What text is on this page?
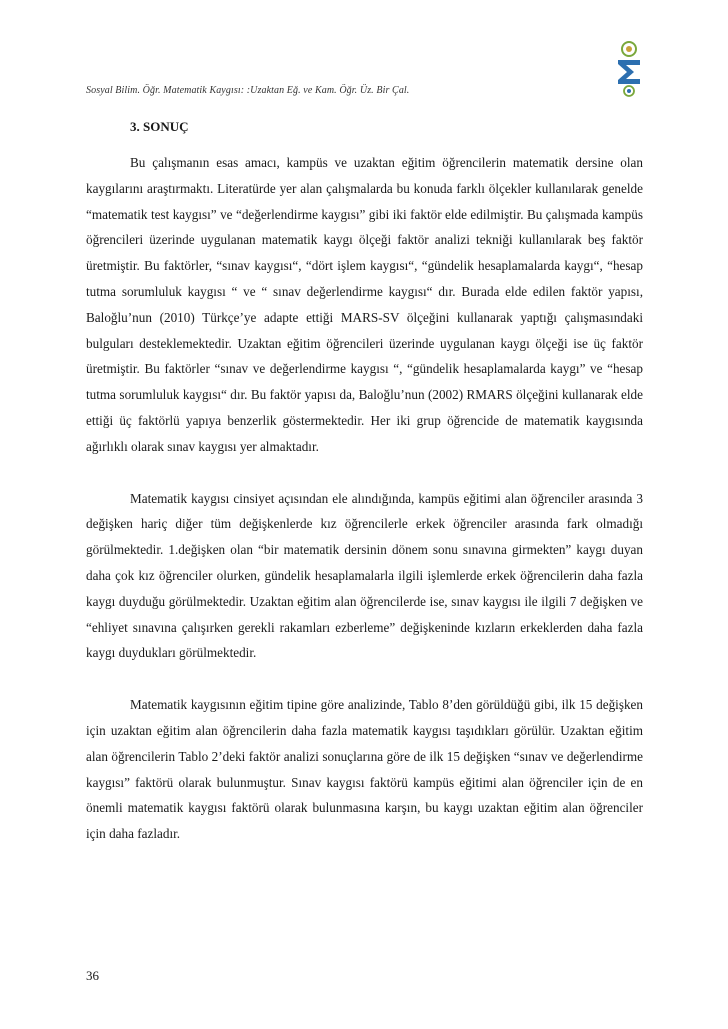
Sosyal Bilim. Öğr. Matematik Kaygısı: :Uzaktan Eğ. ve Kam. Öğr. Üz. Bir Çal.
3. SONUÇ

Bu çalışmanın esas amacı, kampüs ve uzaktan eğitim öğrencilerin matematik dersine olan kaygılarını araştırmaktı. Literatürde yer alan çalışmalarda bu konuda farklı ölçekler kullanılarak genelde “matematik test kaygısı” ve “değerlendirme kaygısı” gibi iki faktör elde edilmiştir. Bu çalışmada kampüs öğrencileri üzerinde uygulanan matematik kaygı ölçeği faktör analizi tekniği kullanılarak beş faktör üretmiştir. Bu faktörler, “sınav kaygısı“, “dört işlem kaygısı“, “gündelik hesaplamalarda kaygı“, “hesap tutma sorumluluk kaygısı “ ve “ sınav değerlendirme kaygısı“ dır. Burada elde edilen faktör yapısı, Baloğlu’nun (2010) Türkçe’ye adapte ettiği MARS-SV ölçeğini kullanarak yaptığı çalışmasındaki bulguları desteklemektedir. Uzaktan eğitim öğrencileri üzerinde uygulanan kaygı ölçeği ise üç faktör üretmiştir. Bu faktörler “sınav ve değerlendirme kaygısı “, “gündelik hesaplamalarda kaygı” ve “hesap tutma sorumluluk kaygısı“ dır. Bu faktör yapısı da, Baloğlu’nun (2002) RMARS ölçeğini kullanarak elde ettiği üç faktörlü yapıya benzerlik göstermektedir. Her iki grup öğrencide de matematik kaygısında ağırlıklı olarak sınav kaygısı yer almaktadır.

Matematik kaygısı cinsiyet açısından ele alındığında, kampüs eğitimi alan öğrenciler arasında 3 değişken hariç diğer tüm değişkenlerde kız öğrencilerle erkek öğrenciler arasında fark olmadığı görülmektedir. 1.değişken olan “bir matematik dersinin dönem sonu sınavına girmekten” kaygı duyan daha çok kız öğrenciler olurken, gündelik hesaplamalarla ilgili işlemlerde erkek öğrencilerin daha fazla kaygı duyduğu görülmektedir. Uzaktan eğitim alan öğrencilerde ise, sınav kaygısı ile ilgili 7 değişken ve “ehliyet sınavına çalışırken gerekli rakamları ezberleme” değişkeninde kızların erkeklerden daha fazla kaygı duydukları görülmektedir.

Matematik kaygısının eğitim tipine göre analizinde, Tablo 8’den görüldüğü gibi, ilk 15 değişken için uzaktan eğitim alan öğrencilerin daha fazla matematik kaygısı taşıdıkları görülür. Uzaktan eğitim alan öğrencilerin Tablo 2’deki faktör analizi sonuçlarına göre de ilk 15 değişken “sınav ve değerlendirme kaygısı” faktörü olarak bulunmuştur. Sınav kaygısı faktörü kampüs eğitimi alan öğrenciler için de en önemli matematik kaygısı faktörü olarak bulunmasına karşın, bu kaygı uzaktan eğitim alan öğrenciler için daha fazladır.

36
